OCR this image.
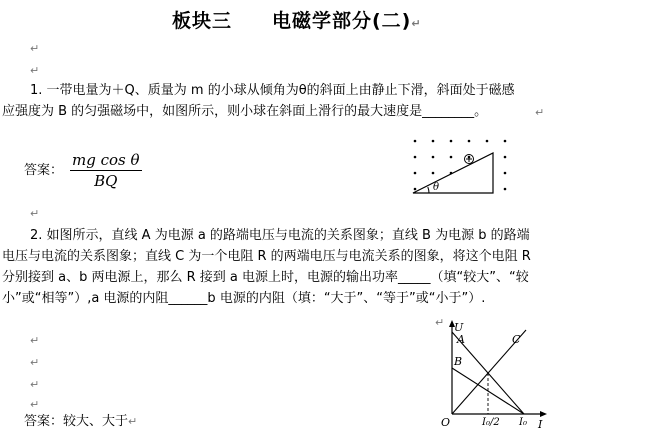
板块三　　电磁学部分(二)↵
↵
↵
1. 一带电量为＋Q、质量为 m 的小球从倾角为θ的斜面上由静止下滑，斜面处于磁感
应强度为 B 的匀强磁场中，如图所示，则小球在斜面上滑行的最大速度是________。	↵
答案： $\frac{\text{mg cos θ}}{BQ}$	θ
↵
2. 如图所示，直线 A 为电源 a 的路端电压与电流的关系图象；直线 B 为电源 b 的路端
电压与电流的关系图象；直线 C 为一个电阻 R 的两端电压与电流关系的图象，将这个电阻 R
分别接到 a、b 两电源上，那么 R 接到 a 电源上时，电源的输出功率_____（填“较大”、“较
小”或“相等”）,a 电源的内阻______b 电源的内阻（填：“大于”、“等于”或“小于”）.
↵
↵
↵
↵
↵
答案：较大、大于↵
U
I
O
A
B
C
I₀/2 I₀
